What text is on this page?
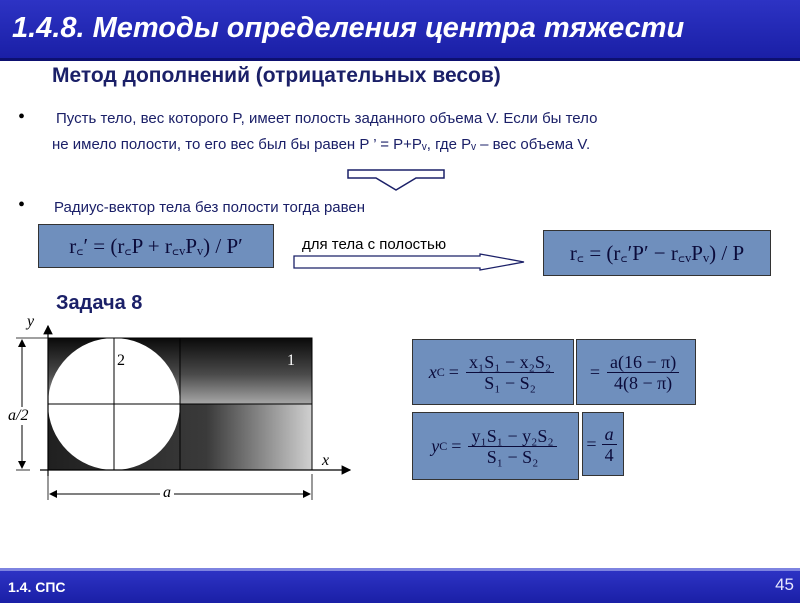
1.4.8. Методы определения центра тяжести
Метод дополнений (отрицательных весов)
• Пусть тело, вес которого P, имеет полость заданного объема V. Если бы тело
не имело полости, то его вес был бы равен P ’ = P+Pᵥ, где Pᵥ – вес объема V.
• Радиус-вектор тела без полости тогда равен
r꜀′ = (r꜀P + r꜀ᵥPᵥ) / P′	для тела с полостью	r꜀ = (r꜀′P′ − r꜀ᵥPᵥ) / P
Задача 8
y
x
a/2
a
2	1
x $C = \frac{\text{x₁S₁ − x₂S₂}}{\text{S₁ − S₂}} = \frac{a(16 - \pi)}{4(8 - \pi)}$
y $C = \frac{\text{y₁S₁ − y₂S₂}}{\text{S₁ − S₂}} = \frac{a}{4}$
1.4. СПС	45
